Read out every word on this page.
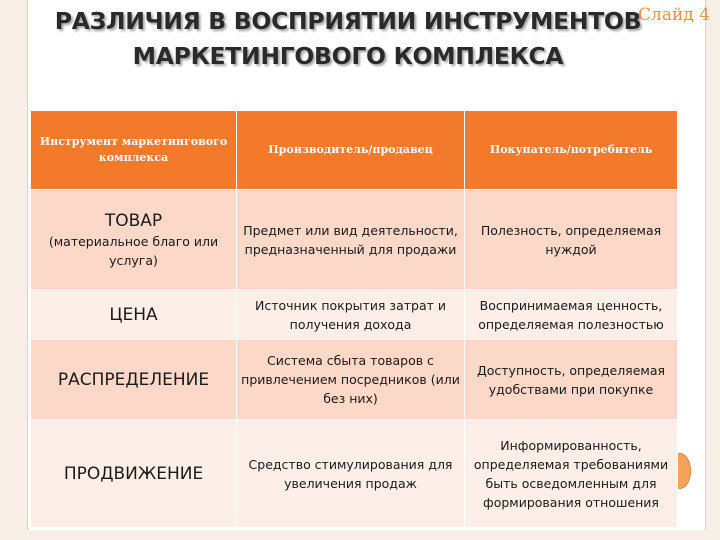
РАЗЛИЧИЯ В ВОСПРИЯТИИ ИНСТРУМЕНТОВ МАРКЕТИНГОВОГО КОМПЛЕКСА
Слайд 4
Инструмент маркетингового комплекса	Производитель/продавец	Покупатель/потребитель

ТОВАР
(материальное благо или услуга)	Предмет или вид деятельности, предназначенный для продажи	Полезность, определяемая нуждой

ЦЕНА	Источник покрытия затрат и получения дохода	Воспринимаемая ценность, определяемая полезностью

РАСПРЕДЕЛЕНИЕ	Система сбыта товаров с привлечением посредников (или без них)	Доступность, определяемая удобствами при покупке

ПРОДВИЖЕНИЕ	Средство стимулирования для увеличения продаж	Информированность, определяемая требованиями быть осведомленным для формирования отношения
